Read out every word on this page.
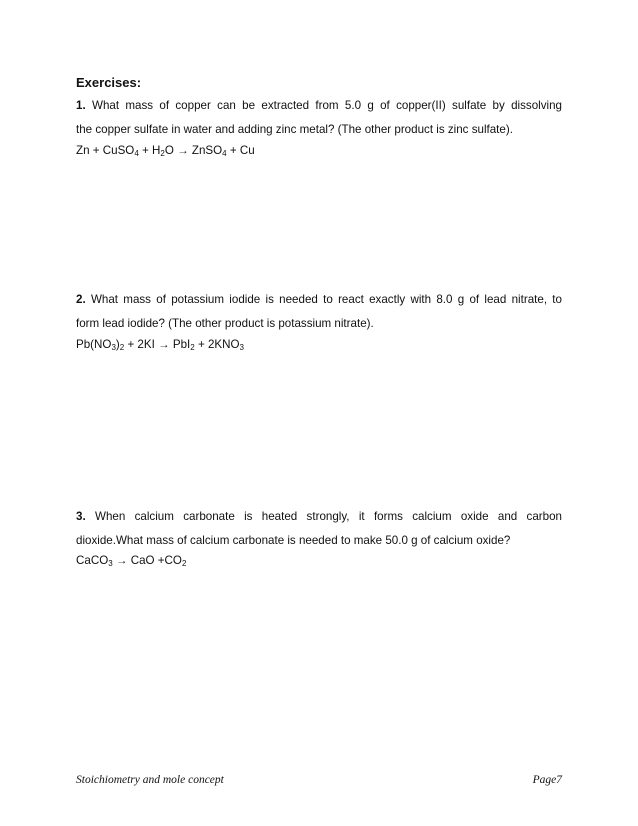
Exercises:
1. What mass of copper can be extracted from 5.0 g of copper(II) sulfate by dissolving
the copper sulfate in water and adding zinc metal? (The other product is zinc sulfate).
Zn + CuSO$_4$ + $H_2O$ → ZnSO$_4$ + Cu
2. What mass of potassium iodide is needed to react exactly with 8.0 g of lead nitrate, to
form lead iodide? (The other product is potassium nitrate).
$Pb(NO_3)_2 + 2KI \to PbI_2 + 2KNO_3$
3. When calcium carbonate is heated strongly, it forms calcium oxide and carbon
dioxide.What mass of calcium carbonate is needed to make 50.0 g of calcium oxide?
CaCO$_3$ → CaO $+CO_2$
Stoichiometry and mole concept	Page7
